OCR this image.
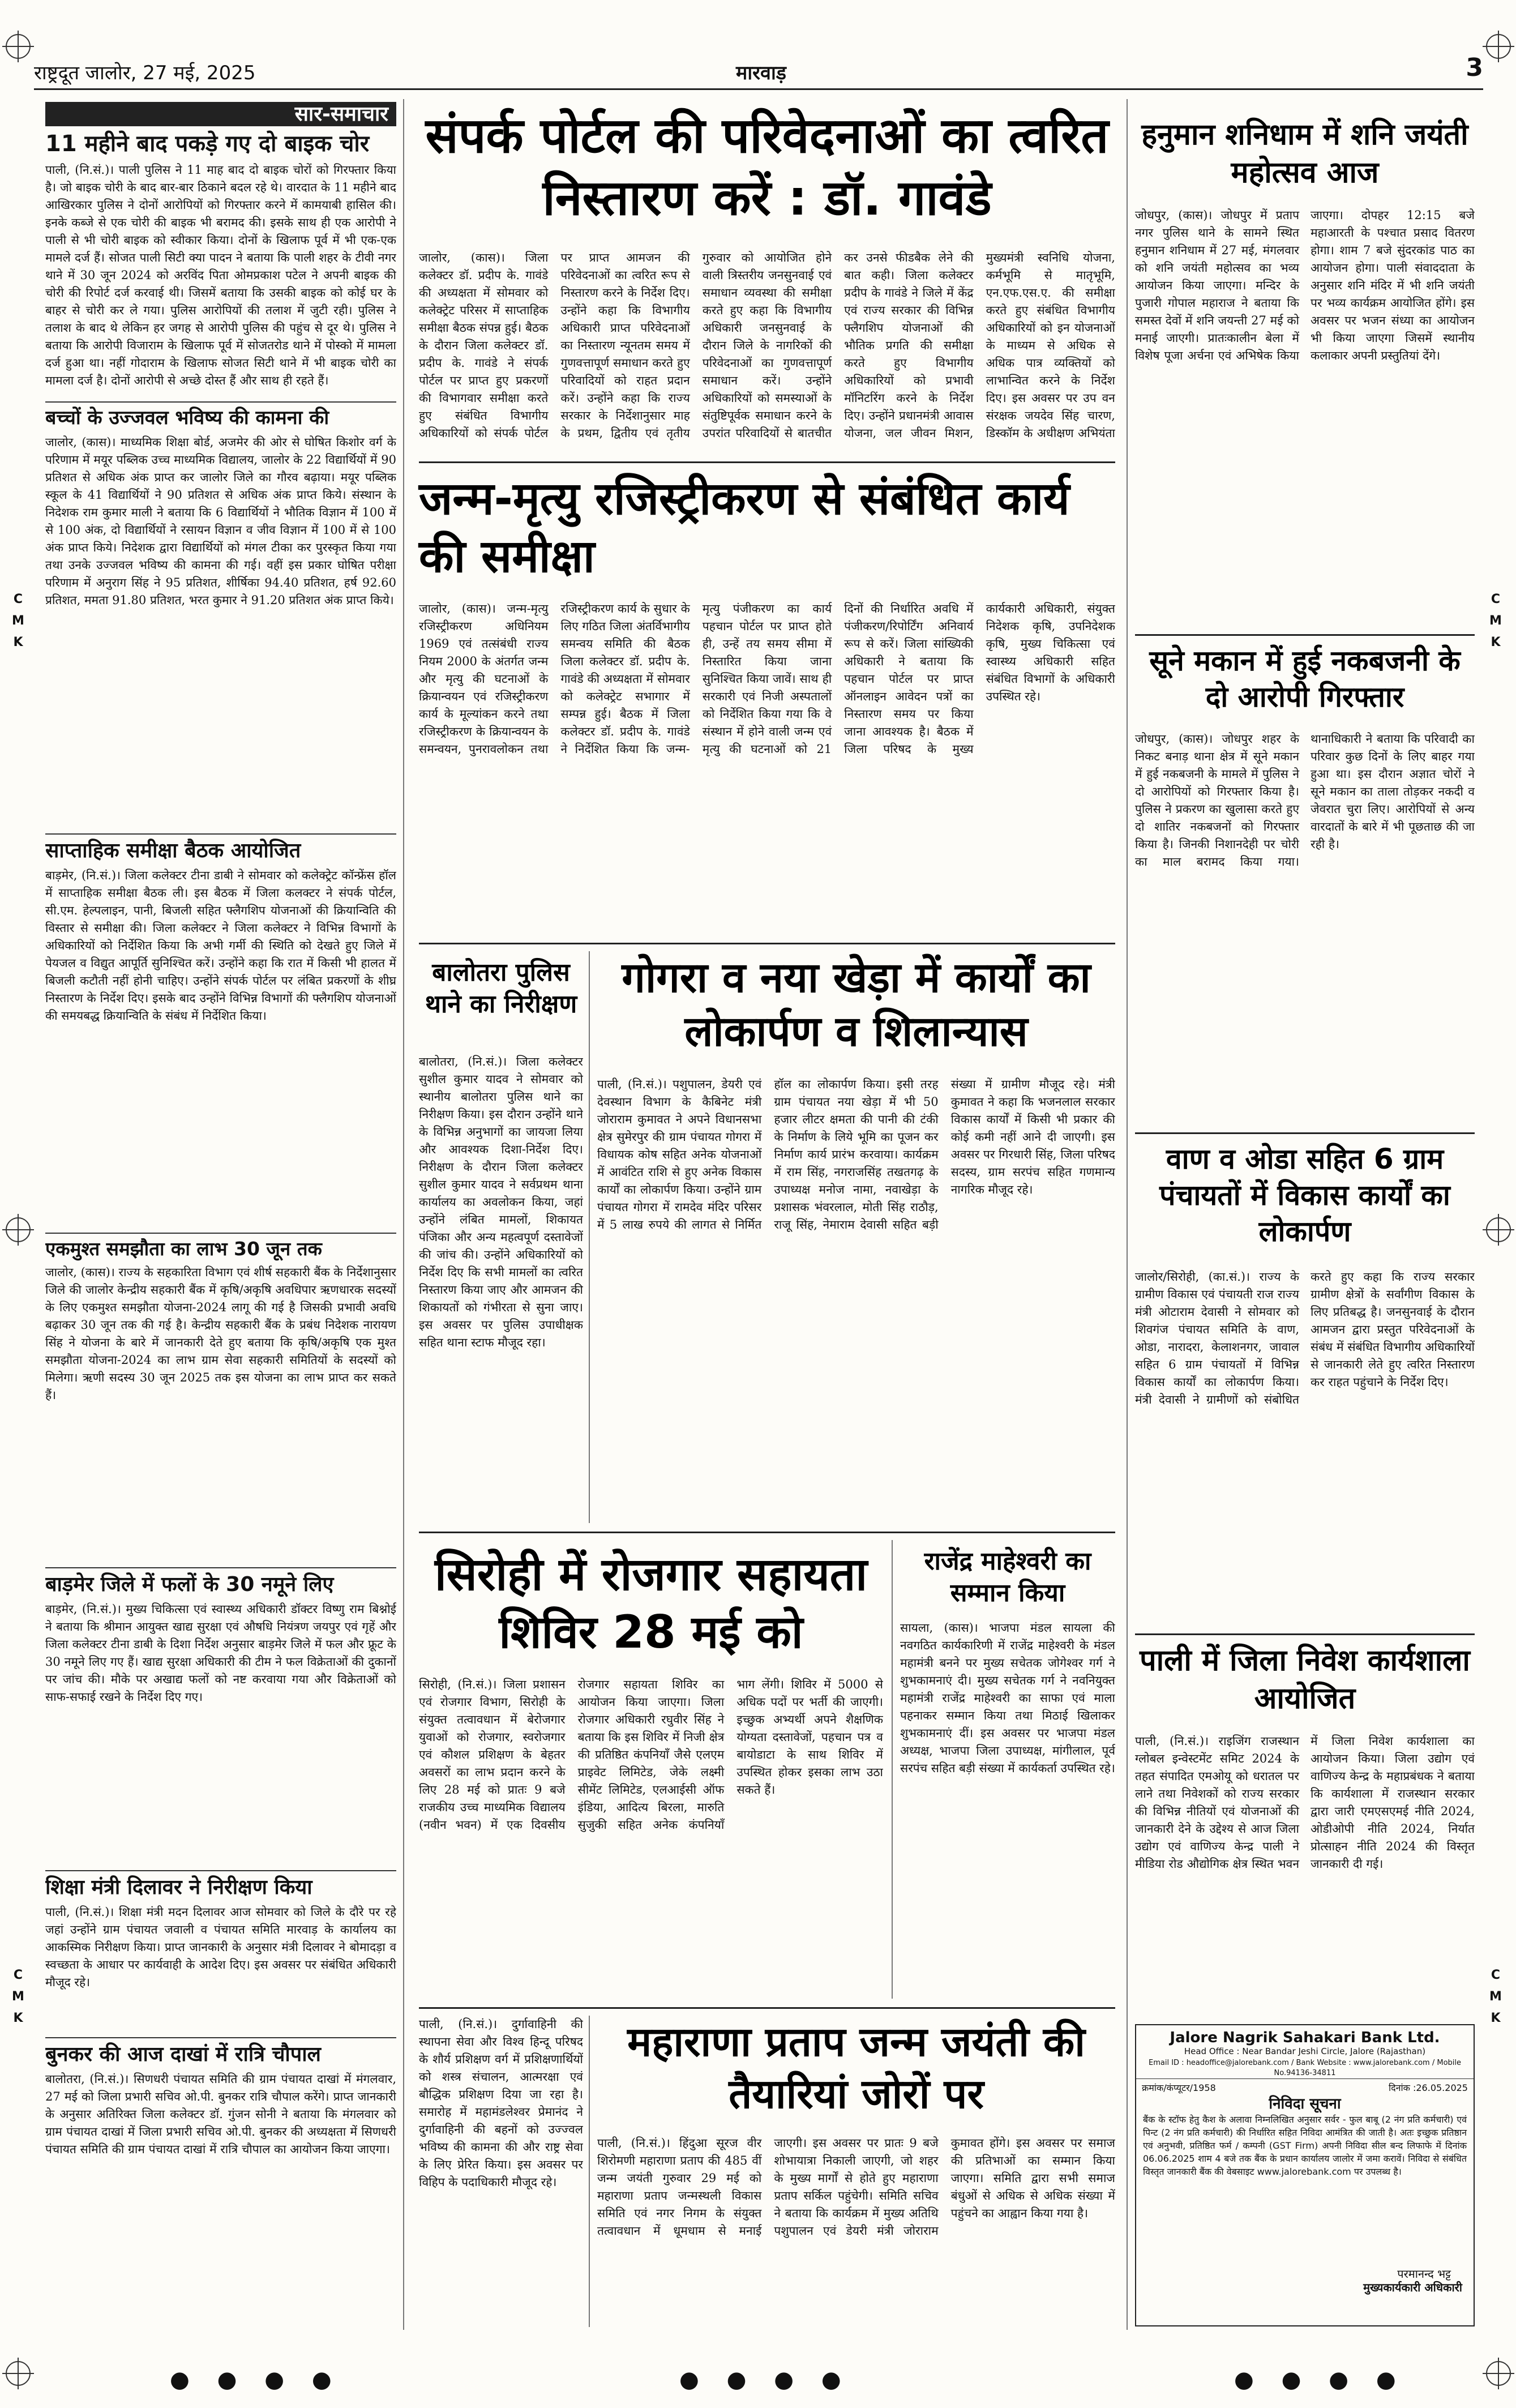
राष्ट्रदूत जालोर, 27 मई, 2025	मारवाड़	3
C
M
K
C
M
K
C
M
K
C
M
K
सार-समाचार
11 महीने बाद पकड़े गए दो बाइक चोर

पाली, (नि.सं.)। पाली पुलिस ने 11 माह बाद दो बाइक चोरों को गिरफ्तार किया है। जो बाइक चोरी के बाद बार-बार ठिकाने बदल रहे थे। वारदात के 11 महीने बाद आखिरकार पुलिस ने दोनों आरोपियों को गिरफ्तार करने में कामयाबी हासिल की। इनके कब्जे से एक चोरी की बाइक भी बरामद की। इसके साथ ही एक आरोपी ने पाली से भी चोरी बाइक को स्वीकार किया। दोनों के खिलाफ पूर्व में भी एक-एक मामले दर्ज हैं। सोजत पाली सिटी क्या पादन ने बताया कि पाली शहर के टीवी नगर थाने में 30 जून 2024 को अरविंद पिता ओमप्रकाश पटेल ने अपनी बाइक की चोरी की रिपोर्ट दर्ज करवाई थी। जिसमें बताया कि उसकी बाइक को कोई घर के बाहर से चोरी कर ले गया। पुलिस आरोपियों की तलाश में जुटी रही। पुलिस ने तलाश के बाद थे लेकिन हर जगह से आरोपी पुलिस की पहुंच से दूर थे। पुलिस ने बताया कि आरोपी विजाराम के खिलाफ पूर्व में सोजतरोड थाने में पोस्को में मामला दर्ज हुआ था। नहीं गोदाराम के खिलाफ सोजत सिटी थाने में भी बाइक चोरी का मामला दर्ज है। दोनों आरोपी से अच्छे दोस्त हैं और साथ ही रहते हैं।

बच्चों के उज्जवल भविष्य की कामना की

जालोर, (कास)। माध्यमिक शिक्षा बोर्ड, अजमेर की ओर से घोषित किशोर वर्ग के परिणाम में मयूर पब्लिक उच्च माध्यमिक विद्यालय, जालोर के 22 विद्यार्थियों में 90 प्रतिशत से अधिक अंक प्राप्त कर जालोर जिले का गौरव बढ़ाया। मयूर पब्लिक स्कूल के 41 विद्यार्थियों ने 90 प्रतिशत से अधिक अंक प्राप्त किये। संस्थान के निदेशक राम कुमार माली ने बताया कि 6 विद्यार्थियों ने भौतिक विज्ञान में 100 में से 100 अंक, दो विद्यार्थियों ने रसायन विज्ञान व जीव विज्ञान में 100 में से 100 अंक प्राप्त किये। निदेशक द्वारा विद्यार्थियों को मंगल टीका कर पुरस्कृत किया गया तथा उनके उज्जवल भविष्य की कामना की गई। वहीं इस प्रकार घोषित परीक्षा परिणाम में अनुराग सिंह ने 95 प्रतिशत, शीर्षिका 94.40 प्रतिशत, हर्ष 92.60 प्रतिशत, ममता 91.80 प्रतिशत, भरत कुमार ने 91.20 प्रतिशत अंक प्राप्त किये।

साप्ताहिक समीक्षा बैठक आयोजित

बाड़मेर, (नि.सं.)। जिला कलेक्टर टीना डाबी ने सोमवार को कलेक्ट्रेट कॉन्फ्रेंस हॉल में साप्ताहिक समीक्षा बैठक ली। इस बैठक में जिला कलक्टर ने संपर्क पोर्टल, सी.एम. हेल्पलाइन, पानी, बिजली सहित फ्लैगशिप योजनाओं की क्रियान्विति की विस्तार से समीक्षा की। जिला कलेक्टर ने जिला कलेक्टर ने विभिन्न विभागों के अधिकारियों को निर्देशित किया कि अभी गर्मी की स्थिति को देखते हुए जिले में पेयजल व विद्युत आपूर्ति सुनिश्चित करें। उन्होंने कहा कि रात में किसी भी हालत में बिजली कटौती नहीं होनी चाहिए। उन्होंने संपर्क पोर्टल पर लंबित प्रकरणों के शीघ्र निस्तारण के निर्देश दिए। इसके बाद उन्होंने विभिन्न विभागों की फ्लैगशिप योजनाओं की समयबद्ध क्रियान्विति के संबंध में निर्देशित किया।

एकमुश्त समझौता का लाभ 30 जून तक

जालोर, (कास)। राज्य के सहकारिता विभाग एवं शीर्ष सहकारी बैंक के निर्देशानुसार जिले की जालोर केन्द्रीय सहकारी बैंक में कृषि/अकृषि अवधिपार ऋणधारक सदस्यों के लिए एकमुश्त समझौता योजना-2024 लागू की गई है जिसकी प्रभावी अवधि बढ़ाकर 30 जून तक की गई है। केन्द्रीय सहकारी बैंक के प्रबंध निदेशक नारायण सिंह ने योजना के बारे में जानकारी देते हुए बताया कि कृषि/अकृषि एक मुश्त समझौता योजना-2024 का लाभ ग्राम सेवा सहकारी समितियों के सदस्यों को मिलेगा। ऋणी सदस्य 30 जून 2025 तक इस योजना का लाभ प्राप्त कर सकते हैं।

बाड़मेर जिले में फलों के 30 नमूने लिए

बाड़मेर, (नि.सं.)। मुख्य चिकित्सा एवं स्वास्थ्य अधिकारी डॉक्टर विष्णु राम बिश्नोई ने बताया कि श्रीमान आयुक्त खाद्य सुरक्षा एवं औषधि नियंत्रण जयपुर एवं गृहें और जिला कलेक्टर टीना डाबी के दिशा निर्देश अनुसार बाड़मेर जिले में फल और फ्रूट के 30 नमूने लिए गए हैं। खाद्य सुरक्षा अधिकारी की टीम ने फल विक्रेताओं की दुकानों पर जांच की। मौके पर अखाद्य फलों को नष्ट करवाया गया और विक्रेताओं को साफ-सफाई रखने के निर्देश दिए गए।

शिक्षा मंत्री दिलावर ने निरीक्षण किया

पाली, (नि.सं.)। शिक्षा मंत्री मदन दिलावर आज सोमवार को जिले के दौरे पर रहे जहां उन्होंने ग्राम पंचायत जवाली व पंचायत समिति मारवाड़ के कार्यालय का आकस्मिक निरीक्षण किया। प्राप्त जानकारी के अनुसार मंत्री दिलावर ने बोमादड़ा व स्वच्छता के आधार पर कार्यवाही के आदेश दिए। इस अवसर पर संबंधित अधिकारी मौजूद रहे।

बुनकर की आज दाखां में रात्रि चौपाल

बालोतरा, (नि.सं.)। सिणधरी पंचायत समिति की ग्राम पंचायत दाखां में मंगलवार, 27 मई को जिला प्रभारी सचिव ओ.पी. बुनकर रात्रि चौपाल करेंगे। प्राप्त जानकारी के अनुसार अतिरिक्त जिला कलेक्टर डॉ. गुंजन सोनी ने बताया कि मंगलवार को ग्राम पंचायत दाखां में जिला प्रभारी सचिव ओ.पी. बुनकर की अध्यक्षता में सिणधरी पंचायत समिति की ग्राम पंचायत दाखां में रात्रि चौपाल का आयोजन किया जाएगा।

संपर्क पोर्टल की परिवेदनाओं का त्वरित निस्तारण करें : डॉ. गावंडे
जालोर, (कास)। जिला कलेक्टर डॉ. प्रदीप के. गावंडे की अध्यक्षता में सोमवार को कलेक्ट्रेट परिसर में साप्ताहिक समीक्षा बैठक संपन्न हुई। बैठक के दौरान जिला कलेक्टर डॉ. प्रदीप के. गावंडे ने संपर्क पोर्टल पर प्राप्त हुए प्रकरणों की विभागवार समीक्षा करते हुए संबंधित विभागीय अधिकारियों को संपर्क पोर्टल पर प्राप्त आमजन की परिवेदनाओं का त्वरित रूप से निस्तारण करने के निर्देश दिए। उन्होंने कहा कि विभागीय अधिकारी प्राप्त परिवेदनाओं का निस्तारण न्यूनतम समय में गुणवत्तापूर्ण समाधान करते हुए परिवादियों को राहत प्रदान करें। उन्होंने कहा कि राज्य सरकार के निर्देशानुसार माह के प्रथम, द्वितीय एवं तृतीय गुरुवार को आयोजित होने वाली त्रिस्तरीय जनसुनवाई एवं समाधान व्यवस्था की समीक्षा करते हुए कहा कि विभागीय अधिकारी जनसुनवाई के दौरान जिले के नागरिकों की परिवेदनाओं का गुणवत्तापूर्ण समाधान करें। उन्होंने अधिकारियों को समस्याओं के संतुष्टिपूर्वक समाधान करने के उपरांत परिवादियों से बातचीत कर उनसे फीडबैक लेने की बात कही। जिला कलेक्टर प्रदीप के गावंडे ने जिले में केंद्र एवं राज्य सरकार की विभिन्न फ्लैगशिप योजनाओं की भौतिक प्रगति की समीक्षा करते हुए विभागीय अधिकारियों को प्रभावी मॉनिटरिंग करने के निर्देश दिए। उन्होंने प्रधानमंत्री आवास योजना, जल जीवन मिशन, मुख्यमंत्री स्वनिधि योजना, कर्मभूमि से मातृभूमि, एन.एफ.एस.ए. की समीक्षा करते हुए संबंधित विभागीय अधिकारियों को इन योजनाओं के माध्यम से अधिक से अधिक पात्र व्यक्तियों को लाभान्वित करने के निर्देश दिए। इस अवसर पर उप वन संरक्षक जयदेव सिंह चारण, डिस्कॉम के अधीक्षण अभियंता
जन्म-मृत्यु रजिस्ट्रीकरण से संबंधित कार्य की समीक्षा
जालोर, (कास)। जन्म-मृत्यु रजिस्ट्रीकरण अधिनियम 1969 एवं तत्संबंधी राज्य नियम 2000 के अंतर्गत जन्म और मृत्यु की घटनाओं के क्रियान्वयन एवं रजिस्ट्रीकरण कार्य के मूल्यांकन करने तथा रजिस्ट्रीकरण के क्रियान्वयन के समन्वयन, पुनरावलोकन तथा रजिस्ट्रीकरण कार्य के सुधार के लिए गठित जिला अंतर्विभागीय समन्वय समिति की बैठक जिला कलेक्टर डॉ. प्रदीप के. गावंडे की अध्यक्षता में सोमवार को कलेक्ट्रेट सभागार में सम्पन्न हुई। बैठक में जिला कलेक्टर डॉ. प्रदीप के. गावंडे ने निर्देशित किया कि जन्म-मृत्यु पंजीकरण का कार्य पहचान पोर्टल पर प्राप्त होते ही, उन्हें तय समय सीमा में निस्तारित किया जाना सुनिश्चित किया जावें। साथ ही सरकारी एवं निजी अस्पतालों को निर्देशित किया गया कि वे संस्थान में होने वाली जन्म एवं मृत्यु की घटनाओं को 21 दिनों की निर्धारित अवधि में पंजीकरण/रिपोर्टिंग अनिवार्य रूप से करें। जिला सांख्यिकी अधिकारी ने बताया कि पहचान पोर्टल पर प्राप्त ऑनलाइन आवेदन पत्रों का निस्तारण समय पर किया जाना आवश्यक है। बैठक में जिला परिषद के मुख्य कार्यकारी अधिकारी, संयुक्त निदेशक कृषि, उपनिदेशक कृषि, मुख्य चिकित्सा एवं स्वास्थ्य अधिकारी सहित संबंधित विभागों के अधिकारी उपस्थित रहे।
बालोतरा पुलिस थाने का निरीक्षण
बालोतरा, (नि.सं.)। जिला कलेक्टर सुशील कुमार यादव ने सोमवार को स्थानीय बालोतरा पुलिस थाने का निरीक्षण किया। इस दौरान उन्होंने थाने के विभिन्न अनुभागों का जायजा लिया और आवश्यक दिशा-निर्देश दिए। निरीक्षण के दौरान जिला कलेक्टर सुशील कुमार यादव ने सर्वप्रथम थाना कार्यालय का अवलोकन किया, जहां उन्होंने लंबित मामलों, शिकायत पंजिका और अन्य महत्वपूर्ण दस्तावेजों की जांच की। उन्होंने अधिकारियों को निर्देश दिए कि सभी मामलों का त्वरित निस्तारण किया जाए और आमजन की शिकायतों को गंभीरता से सुना जाए। इस अवसर पर पुलिस उपाधीक्षक सहित थाना स्टाफ मौजूद रहा।
गोगरा व नया खेड़ा में कार्यों का लोकार्पण व शिलान्यास
पाली, (नि.सं.)। पशुपालन, डेयरी एवं देवस्थान विभाग के कैबिनेट मंत्री जोराराम कुमावत ने अपने विधानसभा क्षेत्र सुमेरपुर की ग्राम पंचायत गोगरा में विधायक कोष सहित अनेक योजनाओं में आवंटित राशि से हुए अनेक विकास कार्यों का लोकार्पण किया। उन्होंने ग्राम पंचायत गोगरा में रामदेव मंदिर परिसर में 5 लाख रुपये की लागत से निर्मित हॉल का लोकार्पण किया। इसी तरह ग्राम पंचायत नया खेड़ा में भी 50 हजार लीटर क्षमता की पानी की टंकी के निर्माण के लिये भूमि का पूजन कर निर्माण कार्य प्रारंभ करवाया। कार्यक्रम में राम सिंह, नगराजसिंह तखतगढ़ के उपाध्यक्ष मनोज नामा, नवाखेड़ा के प्रशासक भंवरलाल, मोती सिंह राठौड़, राजू सिंह, नेमाराम देवासी सहित बड़ी संख्या में ग्रामीण मौजूद रहे। मंत्री कुमावत ने कहा कि भजनलाल सरकार विकास कार्यों में किसी भी प्रकार की कोई कमी नहीं आने दी जाएगी। इस अवसर पर गिरधारी सिंह, जिला परिषद सदस्य, ग्राम सरपंच सहित गणमान्य नागरिक मौजूद रहे।
सिरोही में रोजगार सहायता शिविर 28 मई को
सिरोही, (नि.सं.)। जिला प्रशासन एवं रोजगार विभाग, सिरोही के संयुक्त तत्वावधान में बेरोजगार युवाओं को रोजगार, स्वरोजगार एवं कौशल प्रशिक्षण के बेहतर अवसरों का लाभ प्रदान करने के लिए 28 मई को प्रातः 9 बजे राजकीय उच्च माध्यमिक विद्यालय (नवीन भवन) में एक दिवसीय रोजगार सहायता शिविर का आयोजन किया जाएगा। जिला रोजगार अधिकारी रघुवीर सिंह ने बताया कि इस शिविर में निजी क्षेत्र की प्रतिष्ठित कंपनियाँ जैसे एलएम प्राइवेट लिमिटेड, जेके लक्ष्मी सीमेंट लिमिटेड, एलआईसी ऑफ इंडिया, आदित्य बिरला, मारुति सुजुकी सहित अनेक कंपनियाँ भाग लेंगी। शिविर में 5000 से अधिक पदों पर भर्ती की जाएगी। इच्छुक अभ्यर्थी अपने शैक्षणिक योग्यता दस्तावेजों, पहचान पत्र व बायोडाटा के साथ शिविर में उपस्थित होकर इसका लाभ उठा सकते हैं।
राजेंद्र माहेश्वरी का सम्मान किया
सायला, (कास)। भाजपा मंडल सायला की नवगठित कार्यकारिणी में राजेंद्र माहेश्वरी के मंडल महामंत्री बनने पर मुख्य सचेतक जोगेश्वर गर्ग ने शुभकामनाएं दी। मुख्य सचेतक गर्ग ने नवनियुक्त महामंत्री राजेंद्र माहेश्वरी का साफा एवं माला पहनाकर सम्मान किया तथा मिठाई खिलाकर शुभकामनाएं दीं। इस अवसर पर भाजपा मंडल अध्यक्ष, भाजपा जिला उपाध्यक्ष, मांगीलाल, पूर्व सरपंच सहित बड़ी संख्या में कार्यकर्ता उपस्थित रहे।
पाली, (नि.सं.)। दुर्गावाहिनी की स्थापना सेवा और विश्व हिन्दू परिषद के शौर्य प्रशिक्षण वर्ग में प्रशिक्षणार्थियों को शस्त्र संचालन, आत्मरक्षा एवं बौद्धिक प्रशिक्षण दिया जा रहा है। समारोह में महामंडलेश्वर प्रेमानंद ने दुर्गावाहिनी की बहनों को उज्ज्वल भविष्य की कामना की और राष्ट्र सेवा के लिए प्रेरित किया। इस अवसर पर विहिप के पदाधिकारी मौजूद रहे।
महाराणा प्रताप जन्म जयंती की तैयारियां जोरों पर
पाली, (नि.सं.)। हिंदुआ सूरज वीर शिरोमणी महाराणा प्रताप की 485 वीं जन्म जयंती गुरुवार 29 मई को महाराणा प्रताप जन्मस्थली विकास समिति एवं नगर निगम के संयुक्त तत्वावधान में धूमधाम से मनाई जाएगी। इस अवसर पर प्रातः 9 बजे शोभायात्रा निकाली जाएगी, जो शहर के मुख्य मार्गों से होते हुए महाराणा प्रताप सर्किल पहुंचेगी। समिति सचिव ने बताया कि कार्यक्रम में मुख्य अतिथि पशुपालन एवं डेयरी मंत्री जोराराम कुमावत होंगे। इस अवसर पर समाज की प्रतिभाओं का सम्मान किया जाएगा। समिति द्वारा सभी समाज बंधुओं से अधिक से अधिक संख्या में पहुंचने का आह्वान किया गया है।
हनुमान शनिधाम में शनि जयंती महोत्सव आज
जोधपुर, (कास)। जोधपुर में प्रताप नगर पुलिस थाने के सामने स्थित हनुमान शनिधाम में 27 मई, मंगलवार को शनि जयंती महोत्सव का भव्य आयोजन किया जाएगा। मन्दिर के पुजारी गोपाल महाराज ने बताया कि समस्त देवों में शनि जयन्ती 27 मई को मनाई जाएगी। प्रातःकालीन बेला में विशेष पूजा अर्चना एवं अभिषेक किया जाएगा। दोपहर 12:15 बजे महाआरती के पश्चात प्रसाद वितरण होगा। शाम 7 बजे सुंदरकांड पाठ का आयोजन होगा। पाली संवाददाता के अनुसार शनि मंदिर में भी शनि जयंती पर भव्य कार्यक्रम आयोजित होंगे। इस अवसर पर भजन संध्या का आयोजन भी किया जाएगा जिसमें स्थानीय कलाकार अपनी प्रस्तुतियां देंगे।
सूने मकान में हुई नकबजनी के दो आरोपी गिरफ्तार
जोधपुर, (कास)। जोधपुर शहर के निकट बनाड़ थाना क्षेत्र में सूने मकान में हुई नकबजनी के मामले में पुलिस ने दो आरोपियों को गिरफ्तार किया है। पुलिस ने प्रकरण का खुलासा करते हुए दो शातिर नकबजनों को गिरफ्तार किया है। जिनकी निशानदेही पर चोरी का माल बरामद किया गया। थानाधिकारी ने बताया कि परिवादी का परिवार कुछ दिनों के लिए बाहर गया हुआ था। इस दौरान अज्ञात चोरों ने सूने मकान का ताला तोड़कर नकदी व जेवरात चुरा लिए। आरोपियों से अन्य वारदातों के बारे में भी पूछताछ की जा रही है।
वाण व ओडा सहित 6 ग्राम पंचायतों में विकास कार्यों का लोकार्पण
जालोर/सिरोही, (का.सं.)। राज्य के ग्रामीण विकास एवं पंचायती राज राज्य मंत्री ओटाराम देवासी ने सोमवार को शिवगंज पंचायत समिति के वाण, ओडा, नारादरा, केलाशनगर, जावाल सहित 6 ग्राम पंचायतों में विभिन्न विकास कार्यों का लोकार्पण किया। मंत्री देवासी ने ग्रामीणों को संबोधित करते हुए कहा कि राज्य सरकार ग्रामीण क्षेत्रों के सर्वांगीण विकास के लिए प्रतिबद्ध है। जनसुनवाई के दौरान आमजन द्वारा प्रस्तुत परिवेदनाओं के संबंध में संबंधित विभागीय अधिकारियों से जानकारी लेते हुए त्वरित निस्तारण कर राहत पहुंचाने के निर्देश दिए।
पाली में जिला निवेश कार्यशाला आयोजित
पाली, (नि.सं.)। राइजिंग राजस्थान ग्लोबल इन्वेस्टमेंट समिट 2024 के तहत संपादित एमओयू को धरातल पर लाने तथा निवेशकों को राज्य सरकार की विभिन्न नीतियों एवं योजनाओं की जानकारी देने के उद्देश्य से आज जिला उद्योग एवं वाणिज्य केन्द्र पाली ने मीडिया रोड औद्योगिक क्षेत्र स्थित भवन में जिला निवेश कार्यशाला का आयोजन किया। जिला उद्योग एवं वाणिज्य केन्द्र के महाप्रबंधक ने बताया कि कार्यशाला में राजस्थान सरकार द्वारा जारी एमएसएमई नीति 2024, ओडीओपी नीति 2024, निर्यात प्रोत्साहन नीति 2024 की विस्तृत जानकारी दी गई।
Jalore Nagrik Sahakari Bank Ltd.
Head Office : Near Bandar Jeshi Circle, Jalore (Rajasthan)
Email ID : headoffice@jalorebank.com / Bank Website : www.jalorebank.com / Mobile No.94136-34811
क्रमांक/कंप्यूटर/1958	दिनांक :26.05.2025
निविदा सूचना
बैंक के स्टॉफ हेतु कैश के अलावा निम्नलिखित अनुसार सर्वर - फुल बाबू (2 नंग प्रति कर्मचारी) एवं पिन्ट (2 नंग प्रति कर्मचारी) की निर्धारित सहित निविदा आमंत्रित की जाती है। अतः इच्छुक प्रतिष्ठान एवं अनुभवी, प्रतिष्ठित फर्म / कम्पनी (GST Firm) अपनी निविदा सील बन्द लिफाफे में दिनांक 06.06.2025 शाम 4 बजे तक बैंक के प्रधान कार्यालय जालोर में जमा करावें। निविदा से संबंधित विस्तृत जानकारी बैंक की वेबसाइट www.jalorebank.com पर उपलब्ध है।
परमानन्द भट्ट
मुख्यकार्यकारी अधिकारी
● ● ● ●	● ● ● ●	● ● ● ●
